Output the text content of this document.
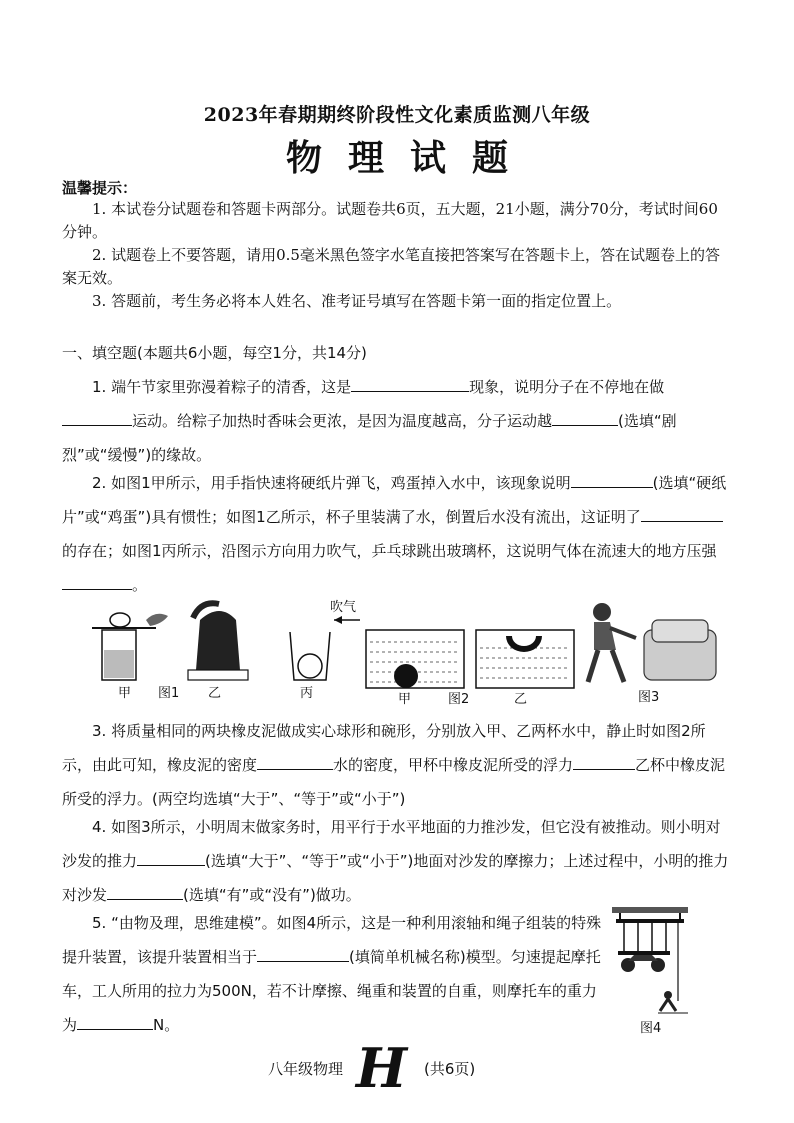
2023年春期期终阶段性文化素质监测八年级
物理试题
温馨提示：
1. 本试卷分试题卷和答题卡两部分。试题卷共6页，五大题，21小题，满分70分，考试时间60分钟。
2. 试题卷上不要答题，请用0.5毫米黑色签字水笔直接把答案写在答题卡上，答在试题卷上的答案无效。
3. 答题前，考生务必将本人姓名、准考证号填写在答题卡第一面的指定位置上。
一、填空题(本题共6小题，每空1分，共14分)
1. 端午节家里弥漫着粽子的清香，这是	现象，说明分子在不停地在做运动。给粽子加热时香味会更浓，是因为温度越高，分子运动越	(选填“剧烈”或“缓慢”)的缘故。
2. 如图1甲所示，用手指快速将硬纸片弹飞，鸡蛋掉入水中，该现象说明	(选填“硬纸片”或“鸡蛋”)具有惯性；如图1乙所示，杯子里装满了水，倒置后水没有流出，这证明了的存在；如图1丙所示，沿图示方向用力吹气，乒乓球跳出玻璃杯，这说明气体在流速大的地方压强。
甲 图1 乙	丙
吹气
甲	图2	乙	图3
3. 将质量相同的两块橡皮泥做成实心球形和碗形，分别放入甲、乙两杯水中，静止时如图2所示，由此可知，橡皮泥的密度	水的密度，甲杯中橡皮泥所受的浮力	乙杯中橡皮泥所受的浮力。(两空均选填“大于”、“等于”或“小于”)
4. 如图3所示，小明周末做家务时，用平行于水平地面的力推沙发，但它没有被推动。则小明对沙发的推力	(选填“大于”、“等于”或“小于”)地面对沙发的摩擦力；上述过程中，小明的推力对沙发	(选填“有”或“没有”)做功。
5. “由物及理，思维建模”。如图4所示，这是一种利用滚轴和绳子组装的特殊提升装置，该提升装置相当于	(填简单机械名称)模型。匀速提起摩托车，工人所用的拉力为500N，若不计摩擦、绳重和装置的自重，则摩托车的重力为	N。	图4
八年级物理 H (共6页)
